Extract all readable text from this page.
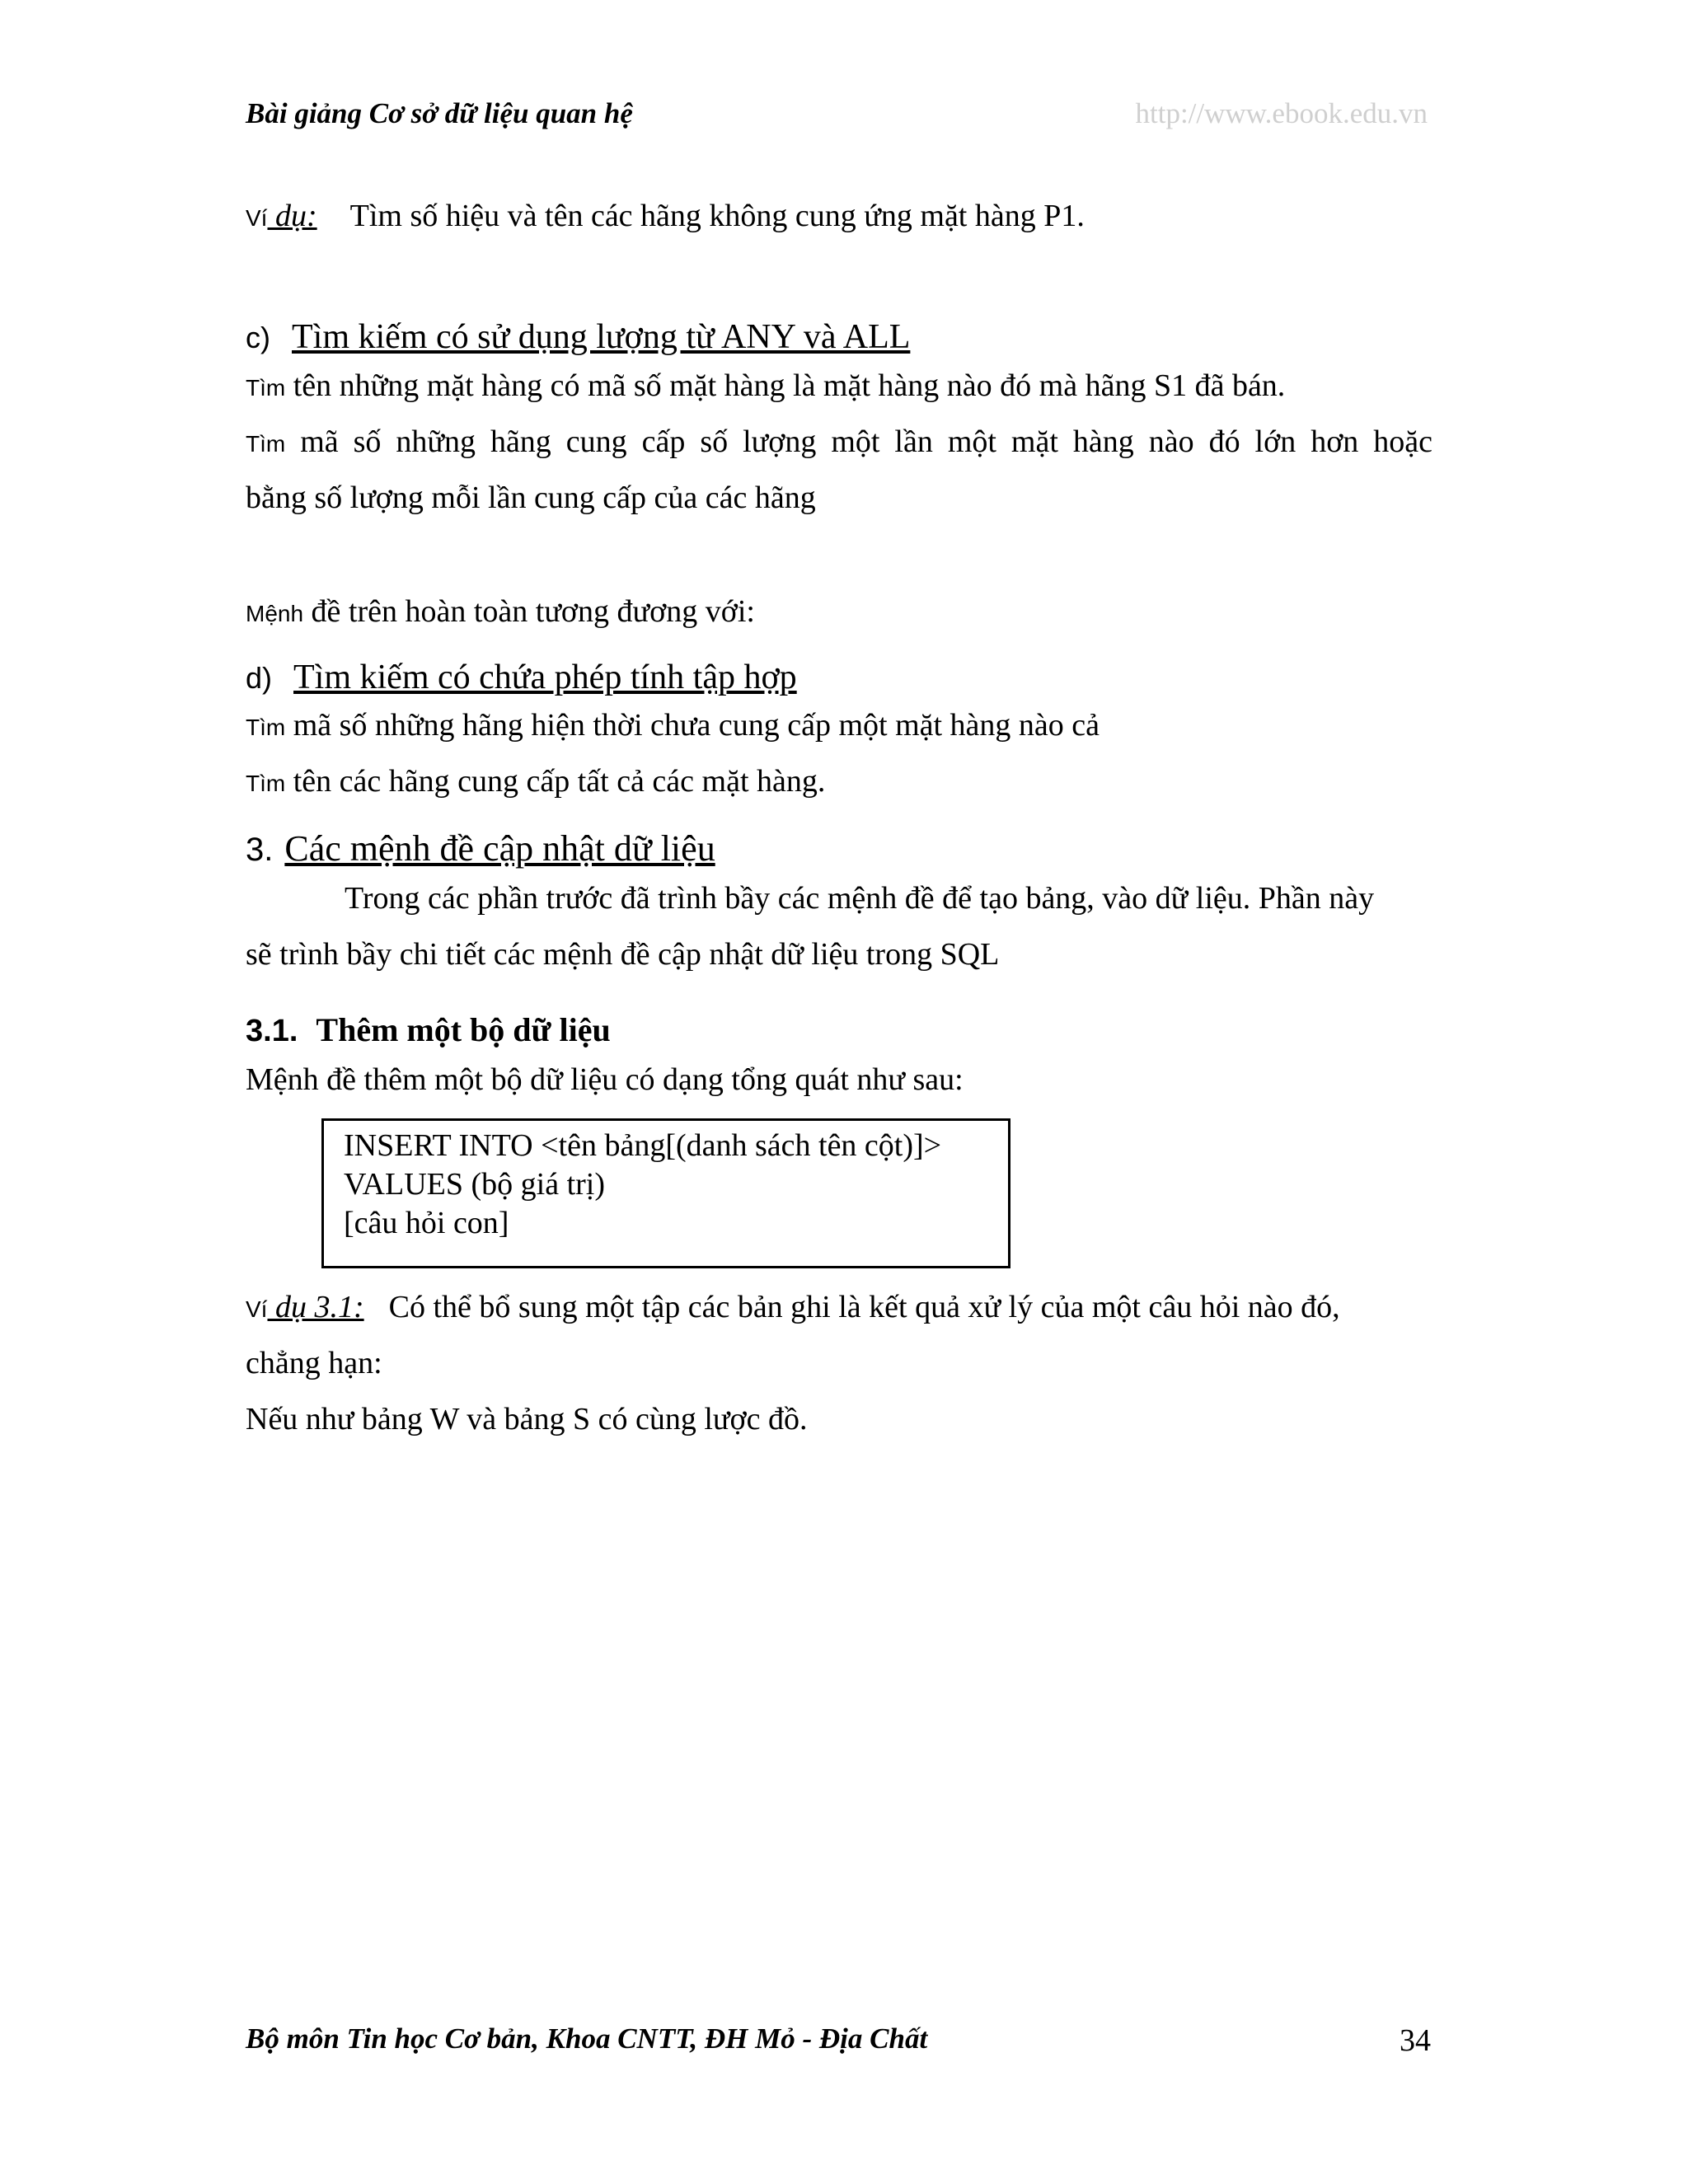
Bài giảng Cơ sở dữ liệu quan hệ	http://www.ebook.edu.vn
Ví dụ: Tìm số hiệu và tên các hãng không cung ứng mặt hàng P1.
c) Tìm kiếm có sử dụng lượng từ ANY và ALL
Tìm tên những mặt hàng có mã số mặt hàng là mặt hàng nào đó mà hãng S1 đã bán.
Tìm mã số những hãng cung cấp số lượng một lần một mặt hàng nào đó lớn hơn hoặc
bằng số lượng mỗi lần cung cấp của các hãng
Mệnh đề trên hoàn toàn tương đương với:
d) Tìm kiếm có chứa phép tính tập hợp
Tìm mã số những hãng hiện thời chưa cung cấp một mặt hàng nào cả
Tìm tên các hãng cung cấp tất cả các mặt hàng.
3. Các mệnh đề cập nhật dữ liệu
Trong các phần trước đã trình bầy các mệnh đề để tạo bảng, vào dữ liệu. Phần này
sẽ trình bầy chi tiết các mệnh đề cập nhật dữ liệu trong SQL
3.1. Thêm một bộ dữ liệu
Mệnh đề thêm một bộ dữ liệu có dạng tổng quát như sau:
INSERT INTO <tên bảng[(danh sách tên cột)]>
VALUES (bộ giá trị)
[câu hỏi con]
Ví dụ 3.1: Có thể bổ sung một tập các bản ghi là kết quả xử lý của một câu hỏi nào đó,
chẳng hạn:
Nếu như bảng W và bảng S có cùng lược đồ.
Bộ môn Tin học Cơ bản, Khoa CNTT, ĐH Mỏ - Địa Chất	34
